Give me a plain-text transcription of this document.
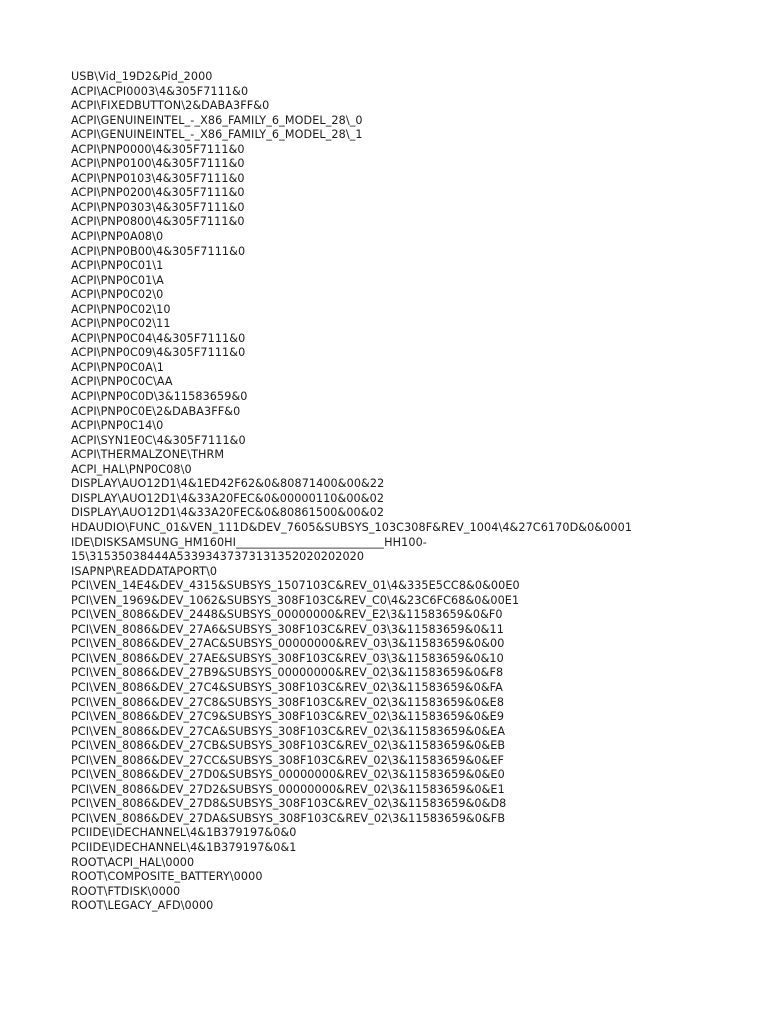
USB\Vid_19D2&Pid_2000
ACPI\ACPI0003\4&305F7111&0
ACPI\FIXEDBUTTON\2&DABA3FF&0
ACPI\GENUINEINTEL_-_X86_FAMILY_6_MODEL_28\_0
ACPI\GENUINEINTEL_-_X86_FAMILY_6_MODEL_28\_1
ACPI\PNP0000\4&305F7111&0
ACPI\PNP0100\4&305F7111&0
ACPI\PNP0103\4&305F7111&0
ACPI\PNP0200\4&305F7111&0
ACPI\PNP0303\4&305F7111&0
ACPI\PNP0800\4&305F7111&0
ACPI\PNP0A08\0
ACPI\PNP0B00\4&305F7111&0
ACPI\PNP0C01\1
ACPI\PNP0C01\A
ACPI\PNP0C02\0
ACPI\PNP0C02\10
ACPI\PNP0C02\11
ACPI\PNP0C04\4&305F7111&0
ACPI\PNP0C09\4&305F7111&0
ACPI\PNP0C0A\1
ACPI\PNP0C0C\AA
ACPI\PNP0C0D\3&11583659&0
ACPI\PNP0C0E\2&DABA3FF&0
ACPI\PNP0C14\0
ACPI\SYN1E0C\4&305F7111&0
ACPI\THERMALZONE\THRM
ACPI_HAL\PNP0C08\0
DISPLAY\AUO12D1\4&1ED42F62&0&80871400&00&22
DISPLAY\AUO12D1\4&33A20FEC&0&00000110&00&02
DISPLAY\AUO12D1\4&33A20FEC&0&80861500&00&02
HDAUDIO\FUNC_01&VEN_111D&DEV_7605&SUBSYS_103C308F&REV_1004\4&27C6170D&0&0001
IDE\DISKSAMSUNG_HM160HI__________________________HH100-
15\31535038444A53393437373131352020202020
ISAPNP\READDATAPORT\0
PCI\VEN_14E4&DEV_4315&SUBSYS_1507103C&REV_01\4&335E5CC8&0&00E0
PCI\VEN_1969&DEV_1062&SUBSYS_308F103C&REV_C0\4&23C6FC68&0&00E1
PCI\VEN_8086&DEV_2448&SUBSYS_00000000&REV_E2\3&11583659&0&F0
PCI\VEN_8086&DEV_27A6&SUBSYS_308F103C&REV_03\3&11583659&0&11
PCI\VEN_8086&DEV_27AC&SUBSYS_00000000&REV_03\3&11583659&0&00
PCI\VEN_8086&DEV_27AE&SUBSYS_308F103C&REV_03\3&11583659&0&10
PCI\VEN_8086&DEV_27B9&SUBSYS_00000000&REV_02\3&11583659&0&F8
PCI\VEN_8086&DEV_27C4&SUBSYS_308F103C&REV_02\3&11583659&0&FA
PCI\VEN_8086&DEV_27C8&SUBSYS_308F103C&REV_02\3&11583659&0&E8
PCI\VEN_8086&DEV_27C9&SUBSYS_308F103C&REV_02\3&11583659&0&E9
PCI\VEN_8086&DEV_27CA&SUBSYS_308F103C&REV_02\3&11583659&0&EA
PCI\VEN_8086&DEV_27CB&SUBSYS_308F103C&REV_02\3&11583659&0&EB
PCI\VEN_8086&DEV_27CC&SUBSYS_308F103C&REV_02\3&11583659&0&EF
PCI\VEN_8086&DEV_27D0&SUBSYS_00000000&REV_02\3&11583659&0&E0
PCI\VEN_8086&DEV_27D2&SUBSYS_00000000&REV_02\3&11583659&0&E1
PCI\VEN_8086&DEV_27D8&SUBSYS_308F103C&REV_02\3&11583659&0&D8
PCI\VEN_8086&DEV_27DA&SUBSYS_308F103C&REV_02\3&11583659&0&FB
PCIIDE\IDECHANNEL\4&1B379197&0&0
PCIIDE\IDECHANNEL\4&1B379197&0&1
ROOT\ACPI_HAL\0000
ROOT\COMPOSITE_BATTERY\0000
ROOT\FTDISK\0000
ROOT\LEGACY_AFD\0000
